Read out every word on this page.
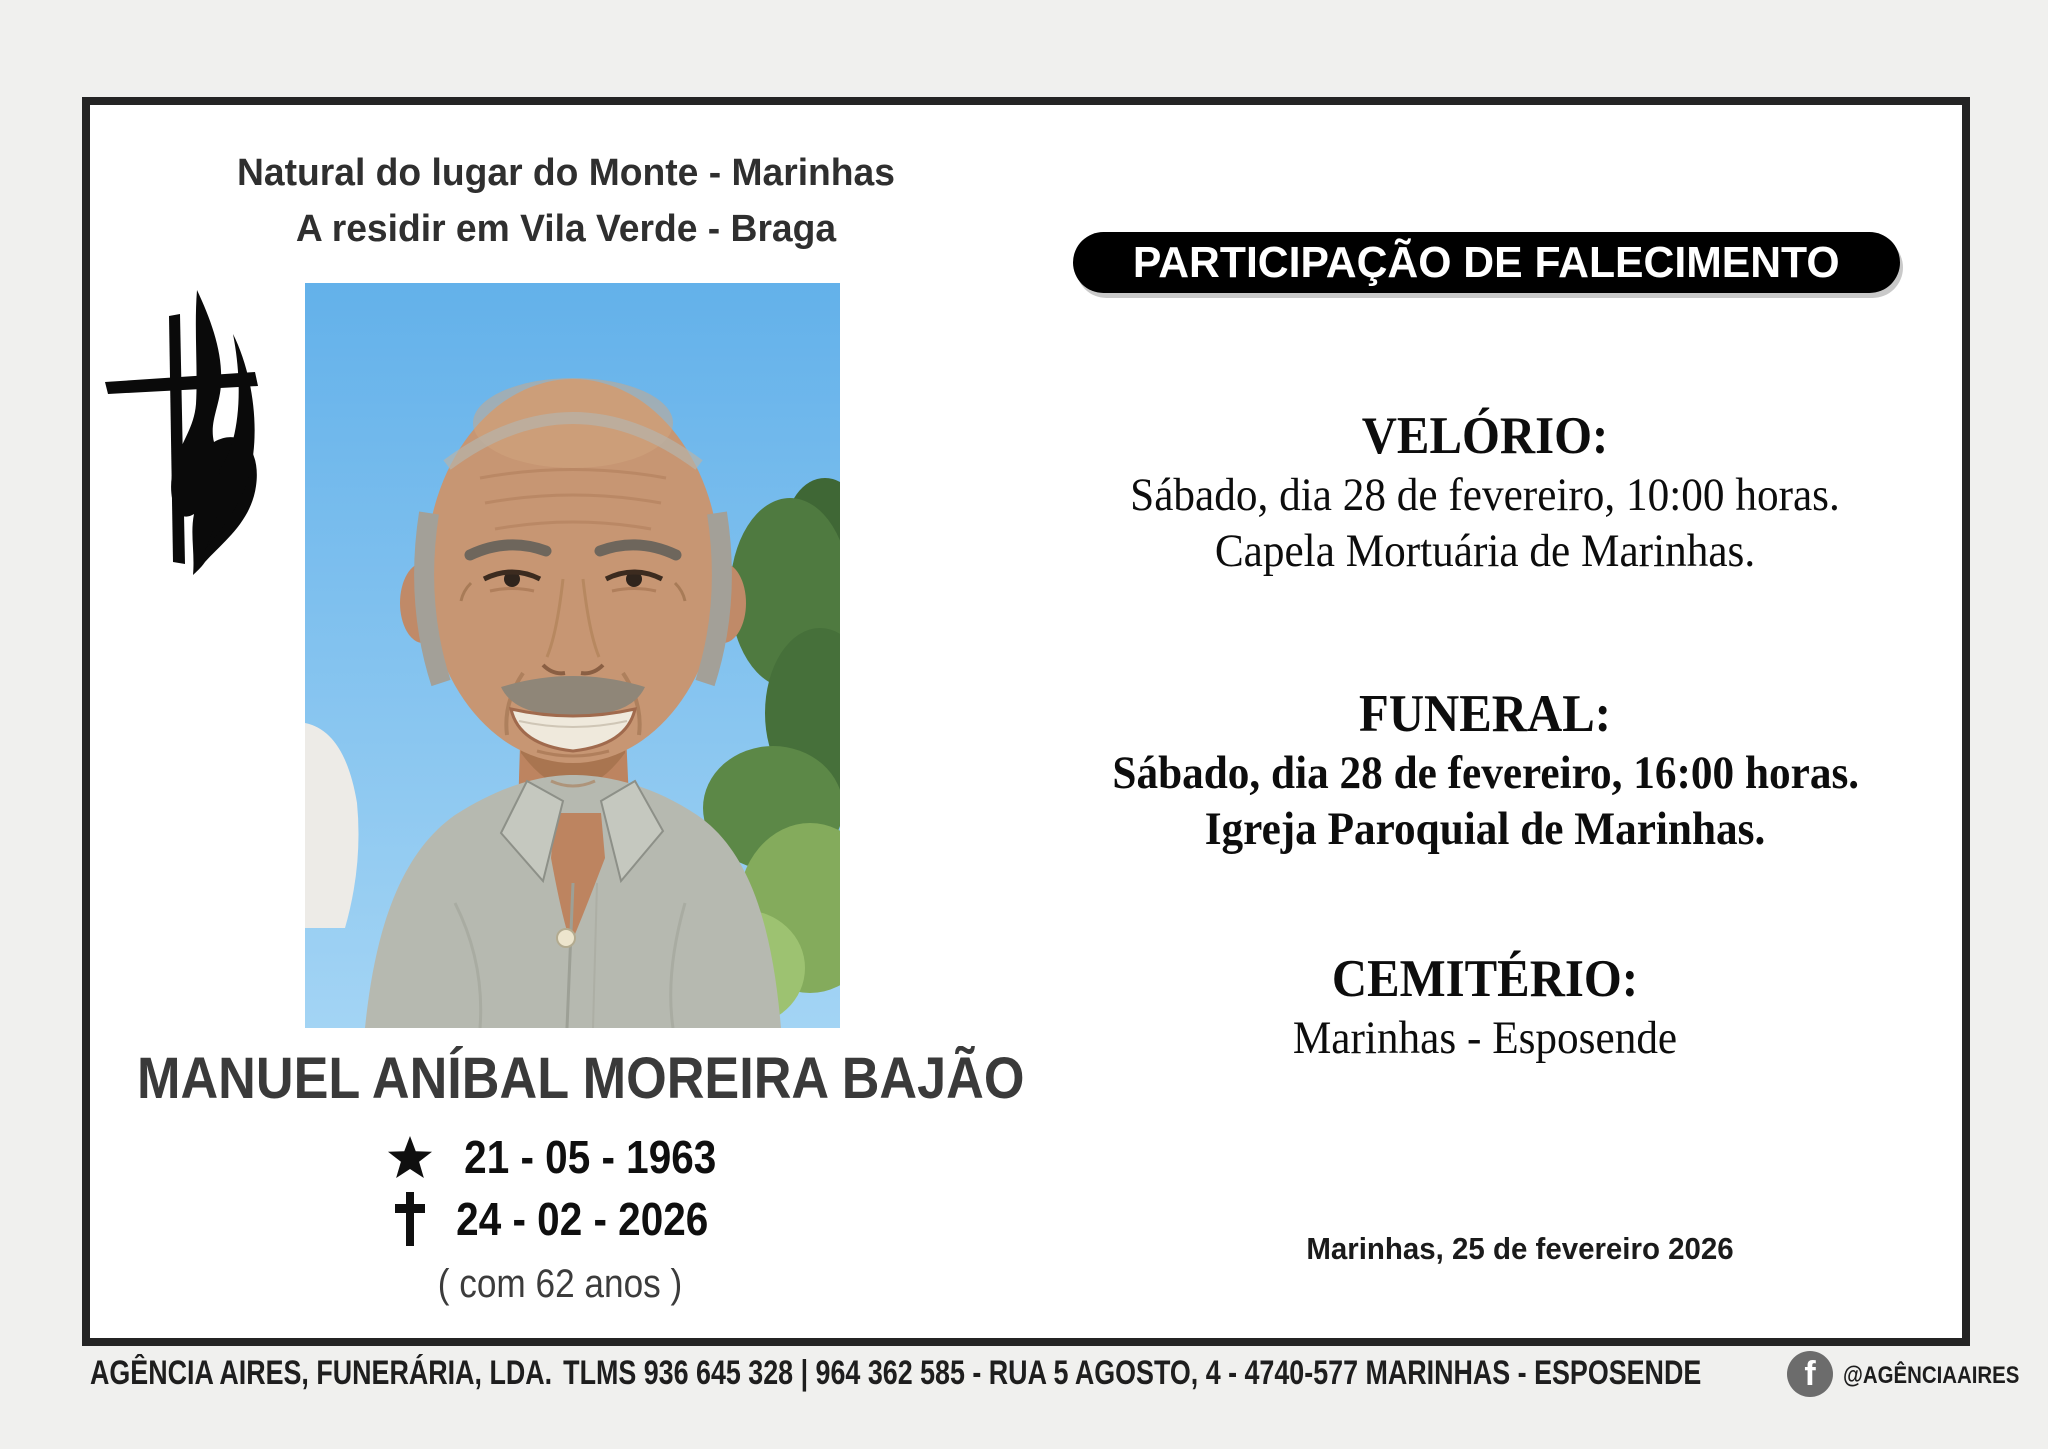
Natural do lugar do Monte - Marinhas
A residir em Vila Verde - Braga
PARTICIPAÇÃO DE FALECIMENTO
VELÓRIO:
Sábado, dia 28 de fevereiro, 10:00 horas.
Capela Mortuária de Marinhas.
FUNERAL:
Sábado, dia 28 de fevereiro, 16:00 horas.
Igreja Paroquial de Marinhas.
CEMITÉRIO:
Marinhas - Esposende
MANUEL ANÍBAL MOREIRA BAJÃO
21 - 05 - 1963
24 - 02 - 2026
( com 62 anos )
Marinhas, 25 de fevereiro 2026
AGÊNCIA AIRES, FUNERÁRIA, LDA. TLMS 936 645 328 | 964 362 585 - RUA 5 AGOSTO, 4 - 4740-577 MARINHAS - ESPOSENDE	f	@AGÊNCIAAIRES
